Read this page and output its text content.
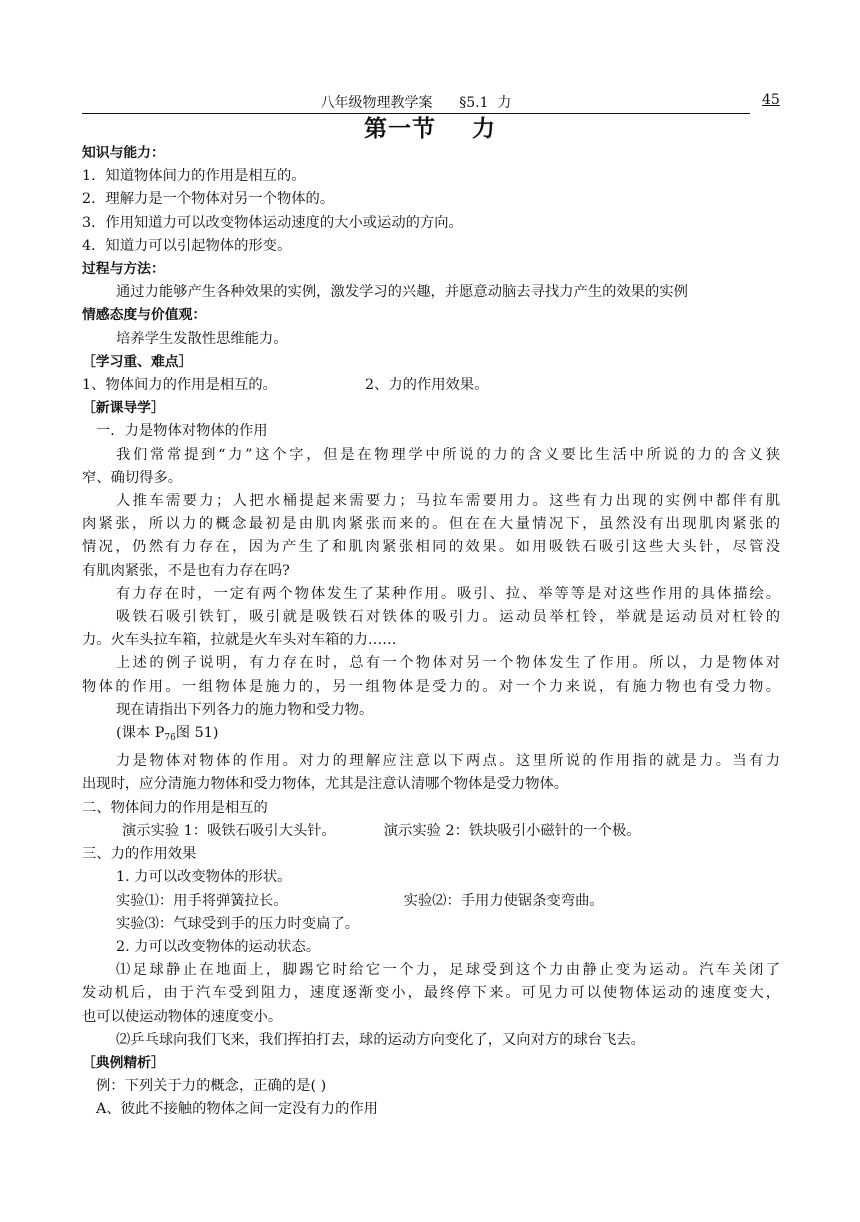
八年级物理教学案      §5.1  力	45
第一节    力
知识与能力：
1．知道物体间力的作用是相互的。
2．理解力是一个物体对另一个物体的。
3．作用知道力可以改变物体运动速度的大小或运动的方向。
4．知道力可以引起物体的形变。
过程与方法：
通过力能够产生各种效果的实例，激发学习的兴趣，并愿意动脑去寻找力产生的效果的实例
情感态度与价值观：
培养学生发散性思维能力。
［学习重、难点］
1、物体间力的作用是相互的。	2、力的作用效果。
［新课导学］
一．力是物体对物体的作用
我们常常提到“力”这个字，但是在物理学中所说的力的含义要比生活中所说的力的含义狭
窄、确切得多。
人推车需要力；人把水桶提起来需要力；马拉车需要用力。这些有力出现的实例中都伴有肌
肉紧张，所以力的概念最初是由肌肉紧张而来的。但在在大量情况下，虽然没有出现肌肉紧张的
情况，仍然有力存在，因为产生了和肌肉紧张相同的效果。如用吸铁石吸引这些大头针，尽管没
有肌肉紧张，不是也有力存在吗?
有力存在时，一定有两个物体发生了某种作用。吸引、拉、举等等是对这些作用的具体描绘。
吸铁石吸引铁钉，吸引就是吸铁石对铁体的吸引力。运动员举杠铃，举就是运动员对杠铃的
力。火车头拉车箱，拉就是火车头对车箱的力……
上述的例子说明，有力存在时，总有一个物体对另一个物体发生了作用。所以，力是物体对
物体的作用。一组物体是施力的，另一组物体是受力的。对一个力来说，有施力物也有受力物。
现在请指出下列各力的施力物和受力物。
(课本 $P_{76}$图 51)
力是物体对物体的作用。对力的理解应注意以下两点。这里所说的作用指的就是力。当有力
出现时，应分清施力物体和受力物体，尤其是注意认清哪个物体是受力物体。
二、物体间力的作用是相互的
演示实验 1：吸铁石吸引大头针。	演示实验 2：铁块吸引小磁针的一个极。
三、力的作用效果
1. 力可以改变物体的形状。
实验⑴：用手将弹簧拉长。	实验⑵：手用力使锯条变弯曲。
实验⑶：气球受到手的压力时变扁了。
2. 力可以改变物体的运动状态。
⑴足球静止在地面上，脚踢它时给它一个力，足球受到这个力由静止变为运动。汽车关闭了
发动机后，由于汽车受到阻力，速度逐渐变小，最终停下来。可见力可以使物体运动的速度变大，
也可以使运动物体的速度变小。
⑵乒乓球向我们飞来，我们挥拍打去，球的运动方向变化了，又向对方的球台飞去。
［典例精析］
例：下列关于力的概念，正确的是( )
A、彼此不接触的物体之间一定没有力的作用
